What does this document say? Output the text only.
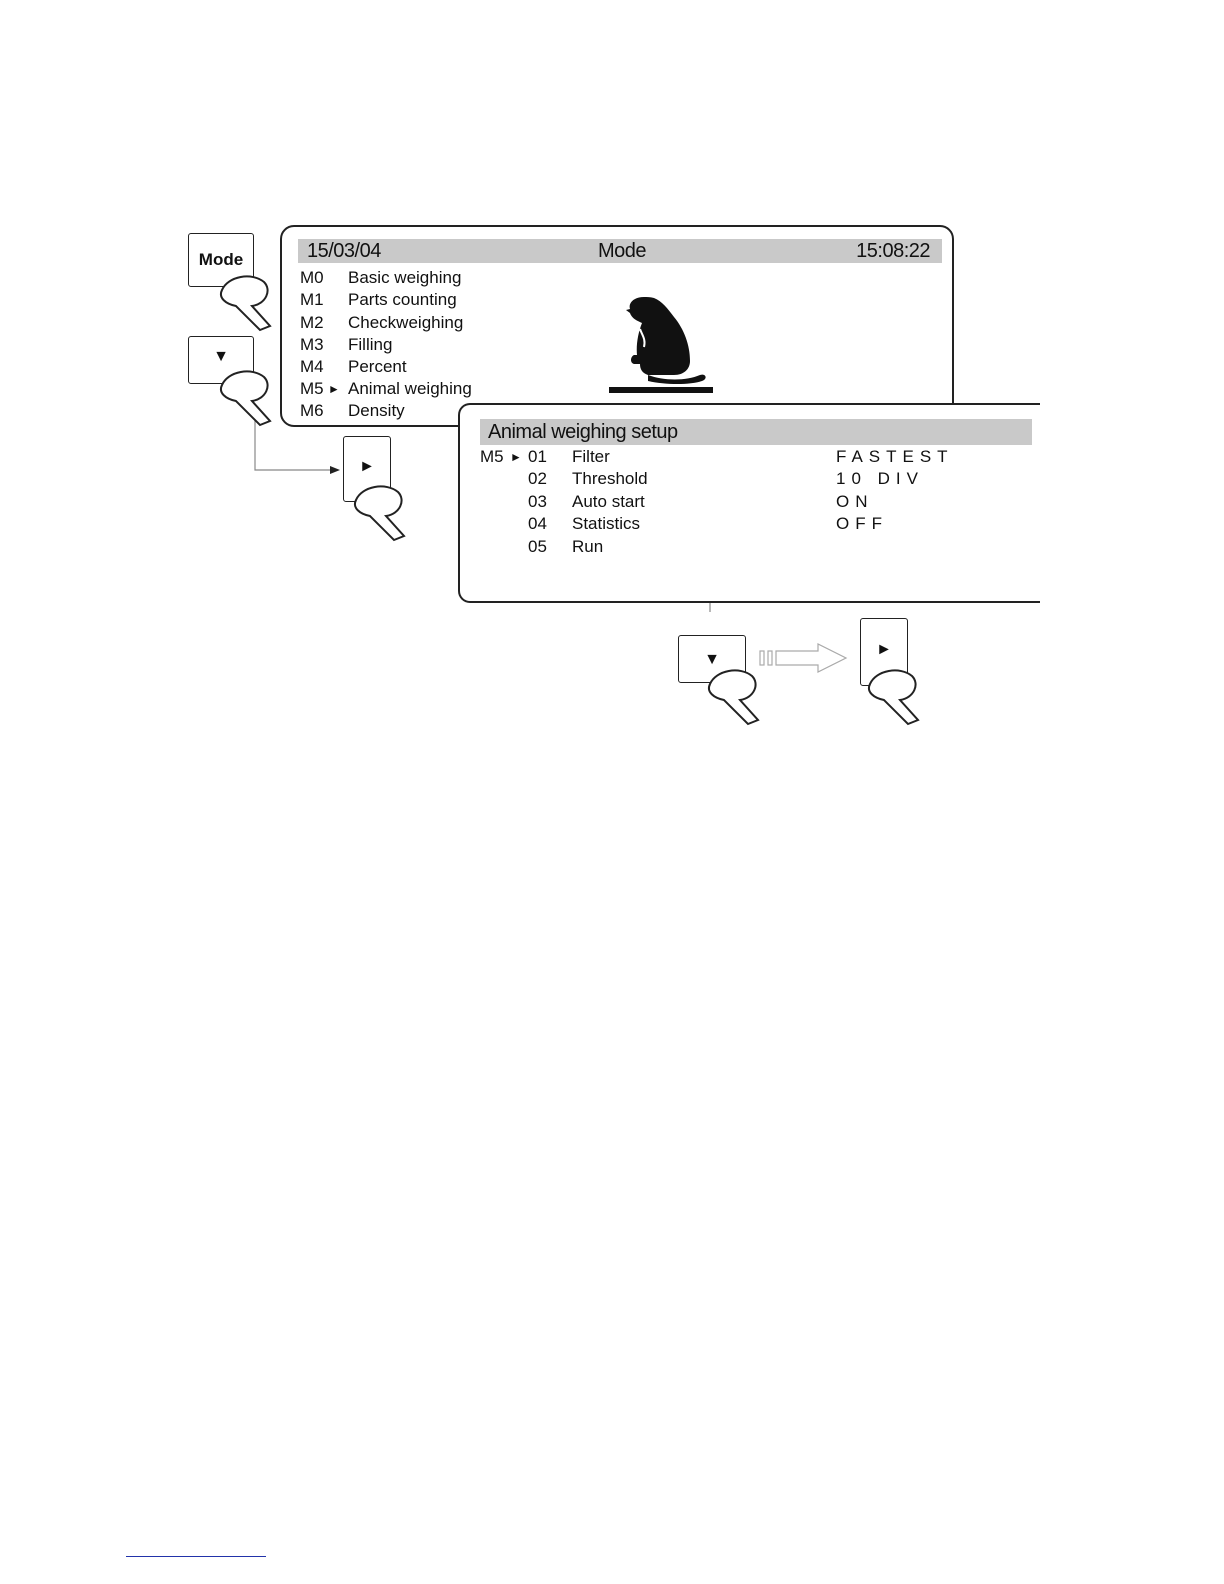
15/03/04	Mode	15:08:22
M0 Basic weighing
M1 Parts counting
M2 Checkweighing
M3 Filling
M4 Percent
M5 ► Animal weighing
M6 Density
Animal weighing setup
M5 ► 01 Filter	FASTEST
02 Threshold	10 DIV
03 Auto start	ON
04 Statistics	OFF
05 Run
Mode
▼
►
▼
►
